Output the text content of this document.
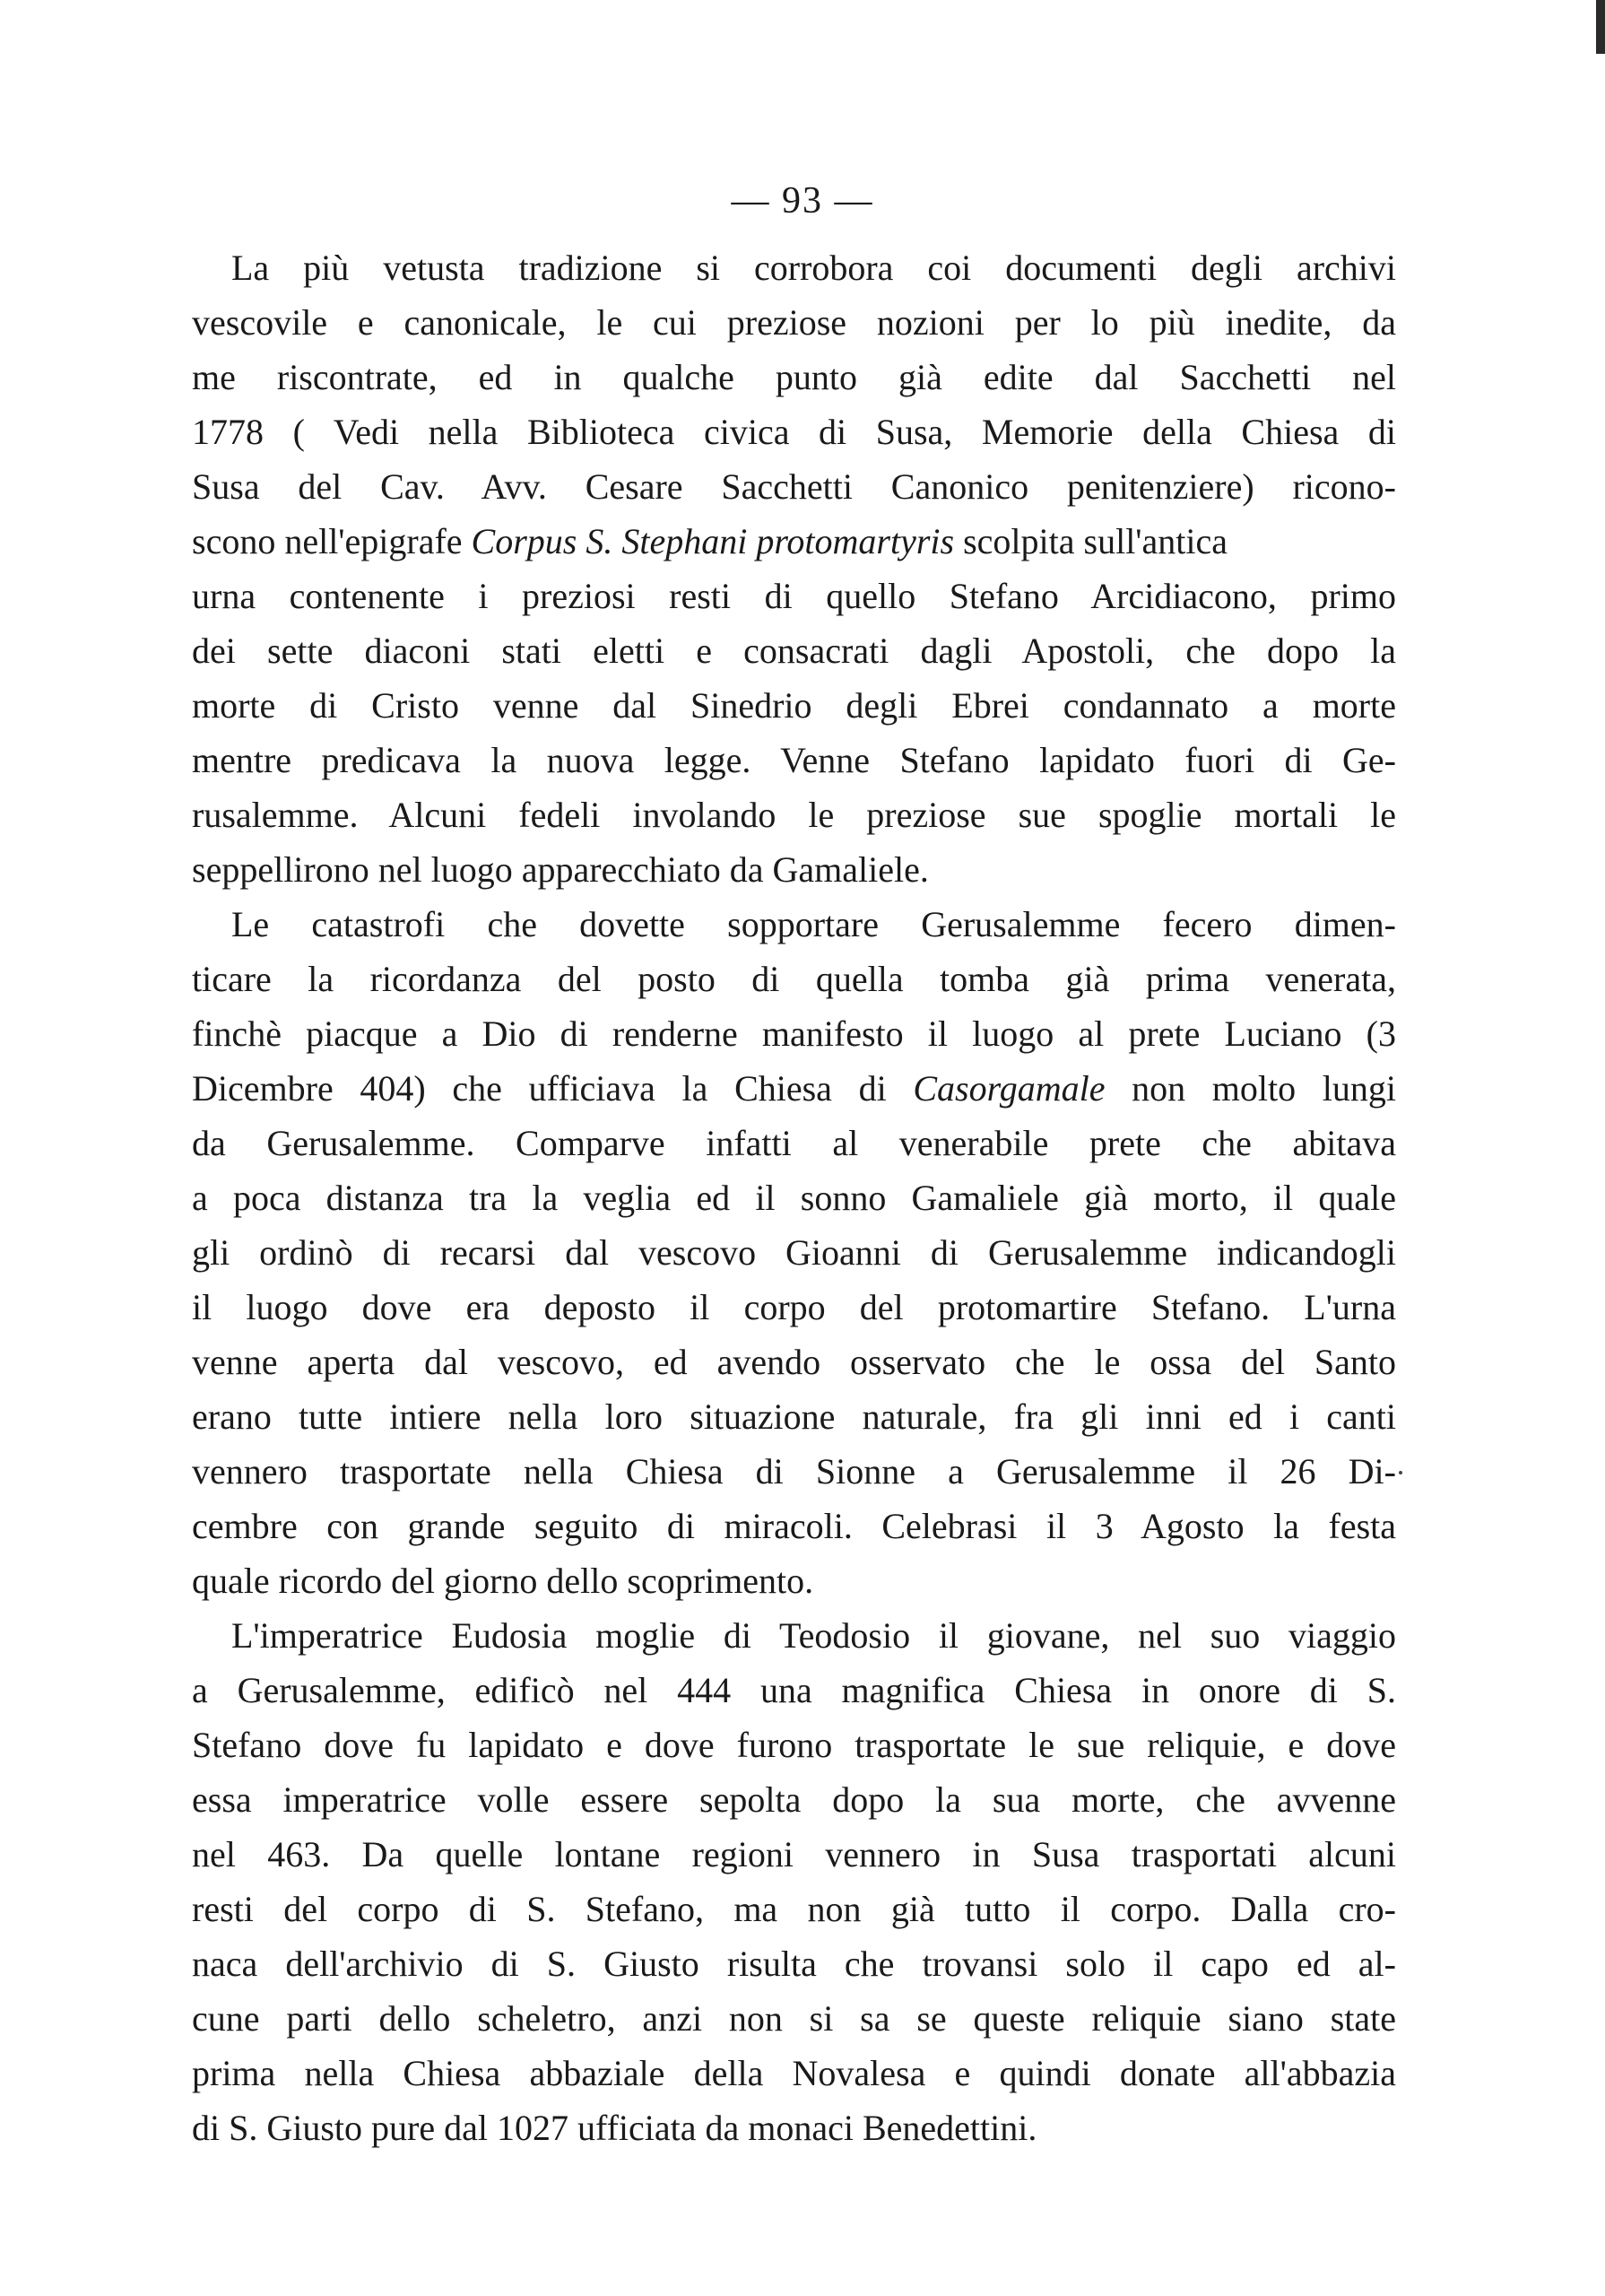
— 93 —
La più vetusta tradizione si corrobora coi documenti degli archivi
vescovile e canonicale, le cui preziose nozioni per lo più inedite, da
me riscontrate, ed in qualche punto già edite dal Sacchetti nel
1778 ( Vedi nella Biblioteca civica di Susa, Memorie della Chiesa di
Susa del Cav. Avv. Cesare Sacchetti Canonico penitenziere) ricono-
scono nell'epigrafe Corpus S. Stephani protomartyris scolpita sull'antica
urna contenente i preziosi resti di quello Stefano Arcidiacono, primo
dei sette diaconi stati eletti e consacrati dagli Apostoli, che dopo la
morte di Cristo venne dal Sinedrio degli Ebrei condannato a morte
mentre predicava la nuova legge. Venne Stefano lapidato fuori di Ge-
rusalemme. Alcuni fedeli involando le preziose sue spoglie mortali le
seppellirono nel luogo apparecchiato da Gamaliele.
Le catastrofi che dovette sopportare Gerusalemme fecero dimen-
ticare la ricordanza del posto di quella tomba già prima venerata,
finchè piacque a Dio di renderne manifesto il luogo al prete Luciano (3
Dicembre 404) che ufficiava la Chiesa di Casorgamale non molto lungi
da Gerusalemme. Comparve infatti al venerabile prete che abitava
a poca distanza tra la veglia ed il sonno Gamaliele già morto, il quale
gli ordinò di recarsi dal vescovo Gioanni di Gerusalemme indicandogli
il luogo dove era deposto il corpo del protomartire Stefano. L'urna
venne aperta dal vescovo, ed avendo osservato che le ossa del Santo
erano tutte intiere nella loro situazione naturale, fra gli inni ed i canti
vennero trasportate nella Chiesa di Sionne a Gerusalemme il 26 Di-
cembre con grande seguito di miracoli. Celebrasi il 3 Agosto la festa
quale ricordo del giorno dello scoprimento.
L'imperatrice Eudosia moglie di Teodosio il giovane, nel suo viaggio
a Gerusalemme, edificò nel 444 una magnifica Chiesa in onore di S.
Stefano dove fu lapidato e dove furono trasportate le sue reliquie, e dove
essa imperatrice volle essere sepolta dopo la sua morte, che avvenne
nel 463. Da quelle lontane regioni vennero in Susa trasportati alcuni
resti del corpo di S. Stefano, ma non già tutto il corpo. Dalla cro-
naca dell'archivio di S. Giusto risulta che trovansi solo il capo ed al-
cune parti dello scheletro, anzi non si sa se queste reliquie siano state
prima nella Chiesa abbaziale della Novalesa e quindi donate all'abbazia
di S. Giusto pure dal 1027 ufficiata da monaci Benedettini.
